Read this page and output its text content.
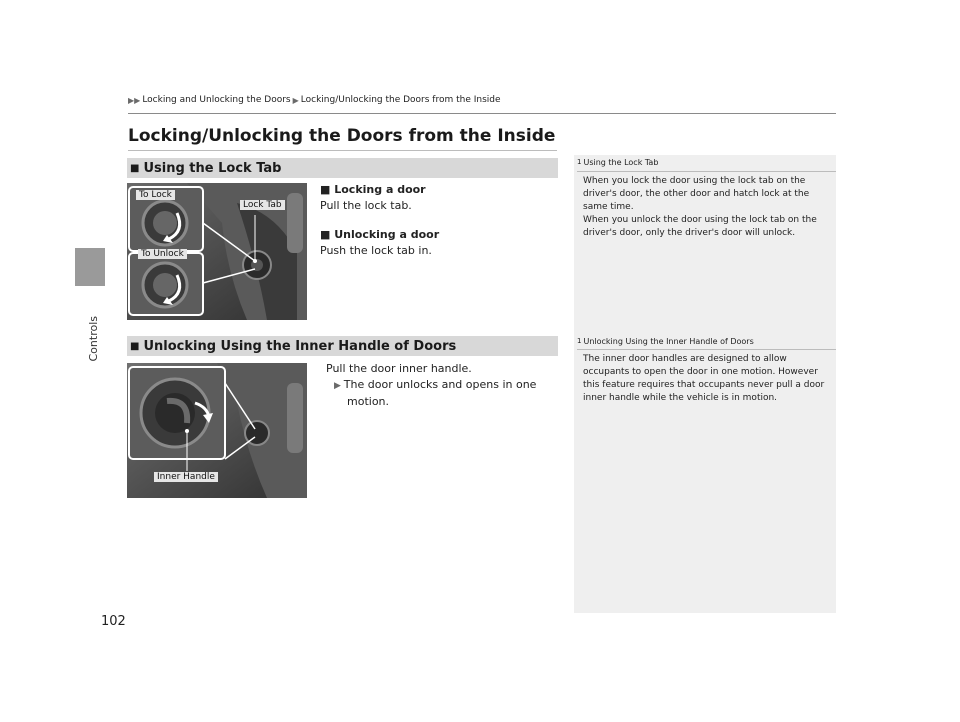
Controls
▶▶ Locking and Unlocking the Doors ▶ Locking/Unlocking the Doors from the Inside
Locking/Unlocking the Doors from the Inside
■ Using the Lock Tab
To Lock
To Unlock
Lock Tab
■ Locking a door
Pull the lock tab.
■ Unlocking a door
Push the lock tab in.
■ Unlocking Using the Inner Handle of Doors
Inner Handle
Pull the door inner handle.
▶ The door unlocks and opens in one
motion.
1 Using the Lock Tab
When you lock the door using the lock tab on the
driver's door, the other door and hatch lock at the
same time.
When you unlock the door using the lock tab on the
driver's door, only the driver's door will unlock.
1 Unlocking Using the Inner Handle of Doors
The inner door handles are designed to allow
occupants to open the door in one motion. However
this feature requires that occupants never pull a door
inner handle while the vehicle is in motion.
102
